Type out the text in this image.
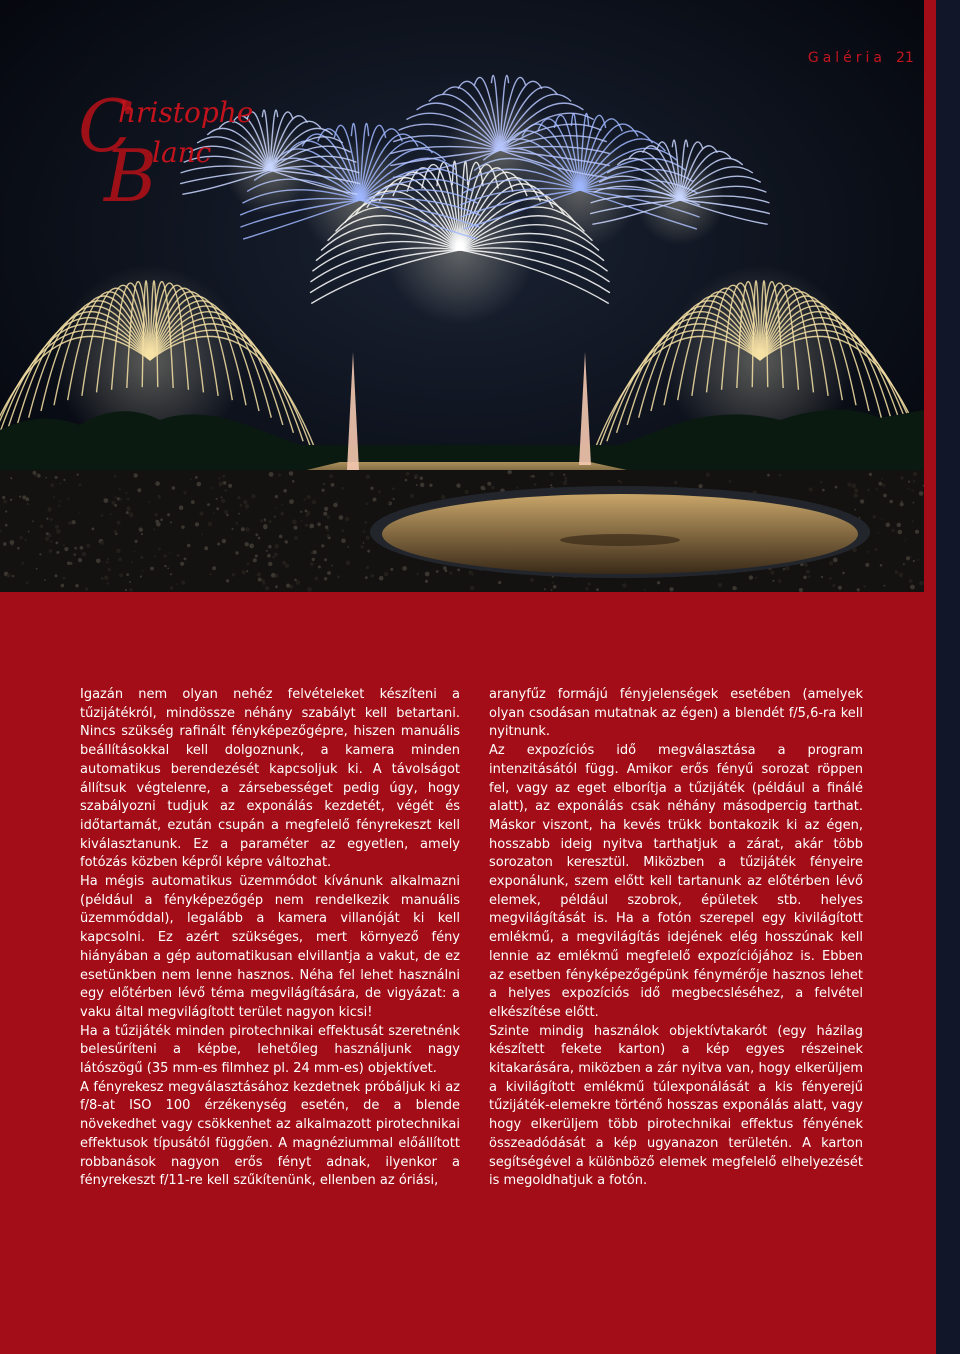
Galéria 21
C
hristophe
B
lanc

Igazán nem olyan nehéz felvételeket készíteni a tűzijátékról, mindössze néhány szabályt kell betartani. Nincs szükség rafinált fényképezőgépre, hiszen manuális beállításokkal kell dolgoznunk, a kamera minden automatikus berendezését kapcsoljuk ki. A távolságot állítsuk végtelenre, a zársebességet pedig úgy, hogy szabályozni tudjuk az exponálás kezdetét, végét és időtartamát, ezután csupán a megfelelő fényrekeszt kell kiválasztanunk. Ez a paraméter az egyetlen, amely fotózás közben képről képre változhat.

Ha mégis automatikus üzemmódot kívánunk alkalmazni (például a fényképezőgép nem rendelkezik manuális üzemmóddal), legalább a kamera villanóját ki kell kapcsolni. Ez azért szükséges, mert környező fény hiányában a gép automatikusan elvillantja a vakut, de ez esetünkben nem lenne hasznos. Néha fel lehet használni egy előtérben lévő téma megvilágítására, de vigyázat: a vaku által megvilágított terület nagyon kicsi!

Ha a tűzijáték minden pirotechnikai effektusát szeretnénk belesűríteni a képbe, lehetőleg használjunk nagy látószögű (35 mm-es filmhez pl. 24 mm-es) objektívet.

A fényrekesz megválasztásához kezdetnek próbáljuk ki az f/8-at ISO 100 érzékenység esetén, de a blende növekedhet vagy csökkenhet az alkalmazott pirotechnikai effektusok típusától függően. A magnéziummal előállított robbanások nagyon erős fényt adnak, ilyenkor a fényrekeszt f/11-re kell szűkítenünk, ellenben az óriási,

aranyfűz formájú fényjelenségek esetében (amelyek olyan csodásan mutatnak az égen) a blendét f/5,6-ra kell nyitnunk.

Az expozíciós idő megválasztása a program intenzitásától függ. Amikor erős fényű sorozat röppen fel, vagy az eget elborítja a tűzijáték (például a finálé alatt), az exponálás csak néhány másodpercig tarthat. Máskor viszont, ha kevés trükk bontakozik ki az égen, hosszabb ideig nyitva tarthatjuk a zárat, akár több sorozaton keresztül. Miközben a tűzijáték fényeire exponálunk, szem előtt kell tartanunk az előtérben lévő elemek, például szobrok, épületek stb. helyes megvilágítását is. Ha a fotón szerepel egy kivilágított emlékmű, a megvilágítás idejének elég hosszúnak kell lennie az emlékmű megfelelő expozíciójához is. Ebben az esetben fényképezőgépünk fénymérője hasznos lehet a helyes expozíciós idő megbecsléséhez, a felvétel elkészítése előtt.

Szinte mindig használok objektívtakarót (egy házilag készített fekete karton) a kép egyes részeinek kitakarására, miközben a zár nyitva van, hogy elkerüljem a kivilágított emlékmű túlexponálását a kis fényerejű tűzijáték-elemekre történő hosszas exponálás alatt, vagy hogy elkerüljem több pirotechnikai effektus fényének összeadódását a kép ugyanazon területén. A karton segítségével a különböző elemek megfelelő elhelyezését is megoldhatjuk a fotón.
